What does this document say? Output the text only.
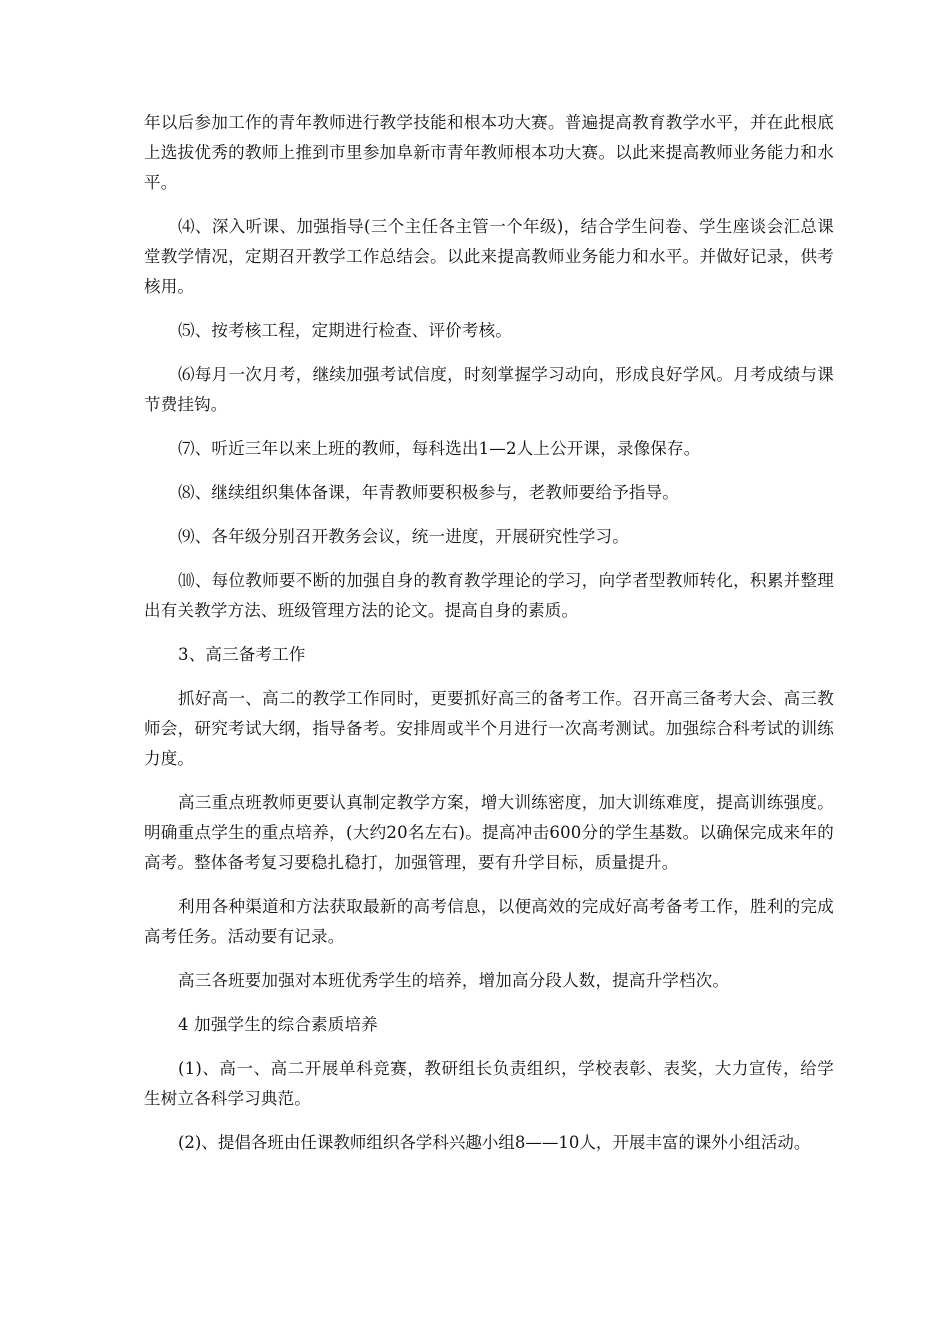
年以后参加工作的青年教师进行教学技能和根本功大赛。普遍提高教育教学水平，并在此根底上选拔优秀的教师上推到市里参加阜新市青年教师根本功大赛。以此来提高教师业务能力和水平。

⑷、深入听课、加强指导(三个主任各主管一个年级)，结合学生问卷、学生座谈会汇总课堂教学情况，定期召开教学工作总结会。以此来提高教师业务能力和水平。并做好记录，供考核用。

⑸、按考核工程，定期进行检查、评价考核。

⑹每月一次月考，继续加强考试信度，时刻掌握学习动向，形成良好学风。月考成绩与课节费挂钩。

⑺、听近三年以来上班的教师，每科选出1—2人上公开课，录像保存。

⑻、继续组织集体备课，年青教师要积极参与，老教师要给予指导。

⑼、各年级分别召开教务会议，统一进度，开展研究性学习。

⑽、每位教师要不断的加强自身的教育教学理论的学习，向学者型教师转化，积累并整理出有关教学方法、班级管理方法的论文。提高自身的素质。

3、高三备考工作

抓好高一、高二的教学工作同时，更要抓好高三的备考工作。召开高三备考大会、高三教师会，研究考试大纲，指导备考。安排周或半个月进行一次高考测试。加强综合科考试的训练力度。

高三重点班教师更要认真制定教学方案，增大训练密度，加大训练难度，提高训练强度。明确重点学生的重点培养，(大约20名左右)。提高冲击600分的学生基数。以确保完成来年的高考。整体备考复习要稳扎稳打，加强管理，要有升学目标，质量提升。

利用各种渠道和方法获取最新的高考信息，以便高效的完成好高考备考工作，胜利的完成高考任务。活动要有记录。

高三各班要加强对本班优秀学生的培养，增加高分段人数，提高升学档次。

4 加强学生的综合素质培养

(1)、高一、高二开展单科竞赛，教研组长负责组织，学校表彰、表奖，大力宣传，给学生树立各科学习典范。

(2)、提倡各班由任课教师组织各学科兴趣小组8——10人，开展丰富的课外小组活动。
